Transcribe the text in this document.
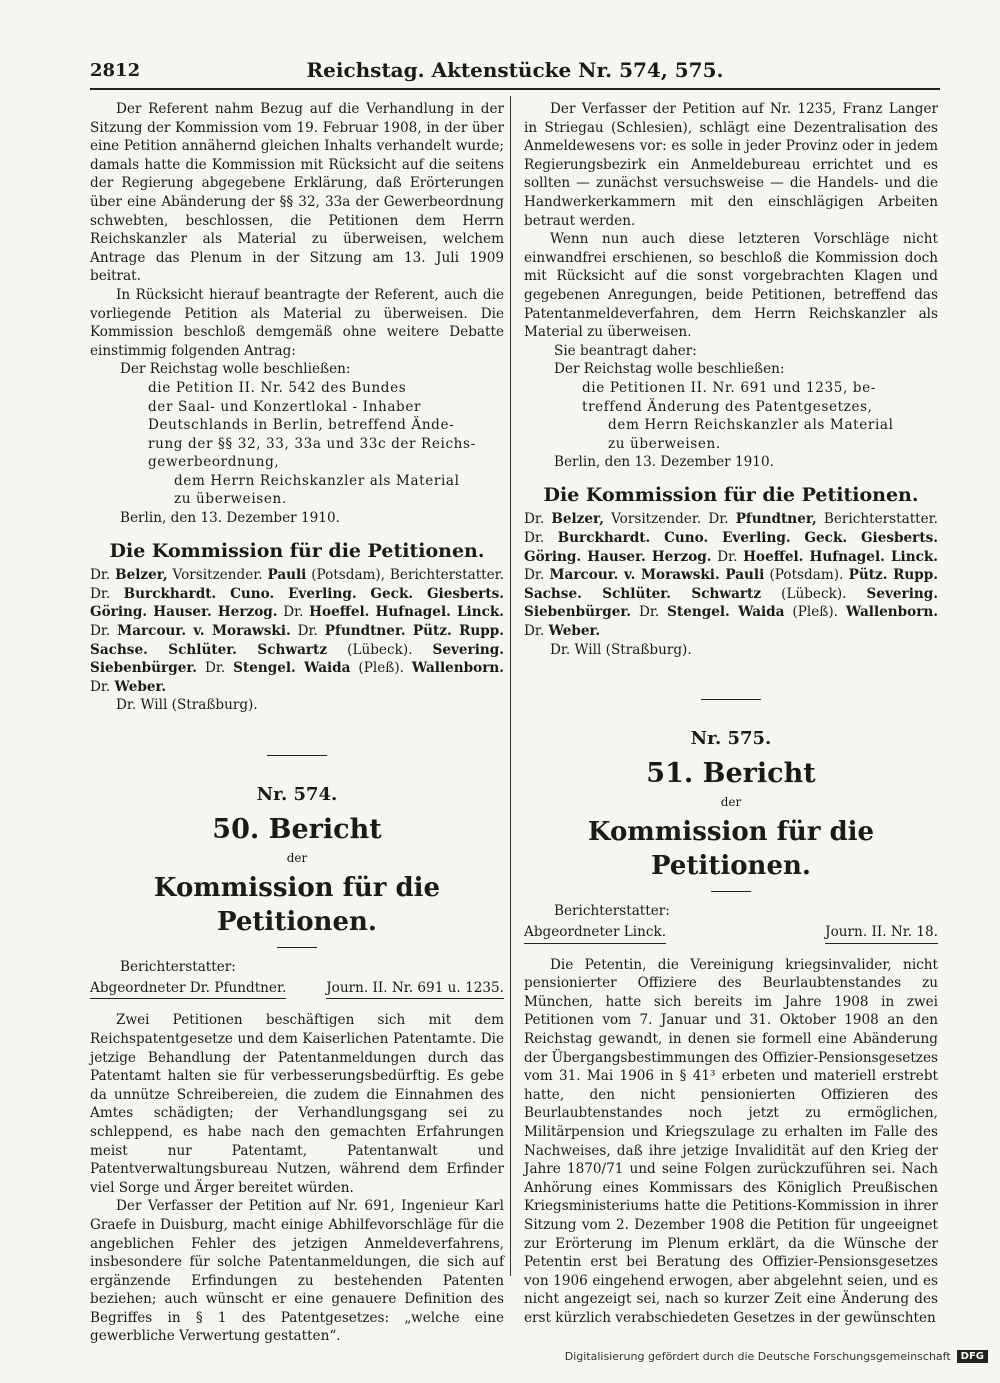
2812	Reichstag. Aktenstücke Nr. 574, 575.

Der Referent nahm Bezug auf die Verhandlung in der Sitzung der Kommission vom 19. Februar 1908, in der über eine Petition annähernd gleichen Inhalts verhandelt wurde; damals hatte die Kommission mit Rücksicht auf die seitens der Regierung abgegebene Erklärung, daß Erörterungen über eine Abänderung der §§ 32, 33a der Gewerbeordnung schwebten, beschlossen, die Petitionen dem Herrn Reichskanzler als Material zu überweisen, welchem Antrage das Plenum in der Sitzung am 13. Juli 1909 beitrat.

In Rücksicht hierauf beantragte der Referent, auch die vorliegende Petition als Material zu überweisen. Die Kommission beschloß demgemäß ohne weitere Debatte einstimmig folgenden Antrag:

Der Reichstag wolle beschließen:

die Petition II. Nr. 542 des Bundes

der Saal- und Konzertlokal - Inhaber

Deutschlands in Berlin, betreffend Ände-

rung der §§ 32, 33, 33a und 33c der Reichs-

gewerbeordnung,

dem Herrn Reichskanzler als Material

zu überweisen.

Berlin, den 13. Dezember 1910.

Die Kommission für die Petitionen.
Dr. Belzer, Vorsitzender. Pauli (Potsdam), Berichterstatter. Dr. Burckhardt. Cuno. Everling. Geck. Giesberts. Göring. Hauser. Herzog. Dr. Hoeffel. Hufnagel. Linck. Dr. Marcour. v. Morawski. Dr. Pfundtner. Pütz. Rupp. Sachse. Schlüter. Schwartz (Lübeck). Severing. Siebenbürger. Dr. Stengel. Waida (Pleß). Wallenborn. Dr. Weber.

Dr. Will (Straßburg).

Nr. 574.
50. Bericht
der
Kommission für die Petitionen.

Berichterstatter:

Abgeordneter Dr. Pfundtner.	Journ. II. Nr. 691 u. 1235.

Zwei Petitionen beschäftigen sich mit dem Reichspatentgesetze und dem Kaiserlichen Patentamte. Die jetzige Behandlung der Patentanmeldungen durch das Patentamt halten sie für verbesserungsbedürftig. Es gebe da unnütze Schreibereien, die zudem die Einnahmen des Amtes schädigten; der Verhandlungsgang sei zu schleppend, es habe nach den gemachten Erfahrungen meist nur Patentamt, Patentanwalt und Patentverwaltungsbureau Nutzen, während dem Erfinder viel Sorge und Ärger bereitet würden.

Der Verfasser der Petition auf Nr. 691, Ingenieur Karl Graefe in Duisburg, macht einige Abhilfevorschläge für die angeblichen Fehler des jetzigen Anmeldeverfahrens, insbesondere für solche Patentanmeldungen, die sich auf ergänzende Erfindungen zu bestehenden Patenten beziehen; auch wünscht er eine genauere Definition des Begriffes in § 1 des Patentgesetzes: „welche eine gewerbliche Verwertung gestatten“.

Der Verfasser der Petition auf Nr. 1235, Franz Langer in Striegau (Schlesien), schlägt eine Dezentralisation des Anmeldewesens vor: es solle in jeder Provinz oder in jedem Regierungsbezirk ein Anmeldebureau errichtet und es sollten — zunächst versuchsweise — die Handels- und die Handwerkerkammern mit den einschlägigen Arbeiten betraut werden.

Wenn nun auch diese letzteren Vorschläge nicht einwandfrei erschienen, so beschloß die Kommission doch mit Rücksicht auf die sonst vorgebrachten Klagen und gegebenen Anregungen, beide Petitionen, betreffend das Patentanmeldeverfahren, dem Herrn Reichskanzler als Material zu überweisen.

Sie beantragt daher:

Der Reichstag wolle beschließen:

die Petitionen II. Nr. 691 und 1235, be-

treffend Änderung des Patentgesetzes,

dem Herrn Reichskanzler als Material

zu überweisen.

Berlin, den 13. Dezember 1910.

Die Kommission für die Petitionen.
Dr. Belzer, Vorsitzender. Dr. Pfundtner, Berichterstatter. Dr. Burckhardt. Cuno. Everling. Geck. Giesberts. Göring. Hauser. Herzog. Dr. Hoeffel. Hufnagel. Linck. Dr. Marcour. v. Morawski. Pauli (Potsdam). Pütz. Rupp. Sachse. Schlüter. Schwartz (Lübeck). Severing. Siebenbürger. Dr. Stengel. Waida (Pleß). Wallenborn. Dr. Weber.

Dr. Will (Straßburg).

Nr. 575.
51. Bericht
der
Kommission für die Petitionen.

Berichterstatter:

Abgeordneter Linck.	Journ. II. Nr. 18.

Die Petentin, die Vereinigung kriegsinvalider, nicht pensionierter Offiziere des Beurlaubtenstandes zu München, hatte sich bereits im Jahre 1908 in zwei Petitionen vom 7. Januar und 31. Oktober 1908 an den Reichstag gewandt, in denen sie formell eine Abänderung der Übergangsbestimmungen des Offizier-Pensionsgesetzes vom 31. Mai 1906 in § 41³ erbeten und materiell erstrebt hatte, den nicht pensionierten Offizieren des Beurlaubtenstandes noch jetzt zu ermöglichen, Militärpension und Kriegszulage zu erhalten im Falle des Nachweises, daß ihre jetzige Invalidität auf den Krieg der Jahre 1870/71 und seine Folgen zurückzuführen sei. Nach Anhörung eines Kommissars des Königlich Preußischen Kriegsministeriums hatte die Petitions-Kommission in ihrer Sitzung vom 2. Dezember 1908 die Petition für ungeeignet zur Erörterung im Plenum erklärt, da die Wünsche der Petentin erst bei Beratung des Offizier-Pensionsgesetzes von 1906 eingehend erwogen, aber abgelehnt seien, und es nicht angezeigt sei, nach so kurzer Zeit eine Änderung des erst kürzlich verabschiedeten Gesetzes in der gewünschten

Digitalisierung gefördert durch die Deutsche Forschungsgemeinschaft	DFG
